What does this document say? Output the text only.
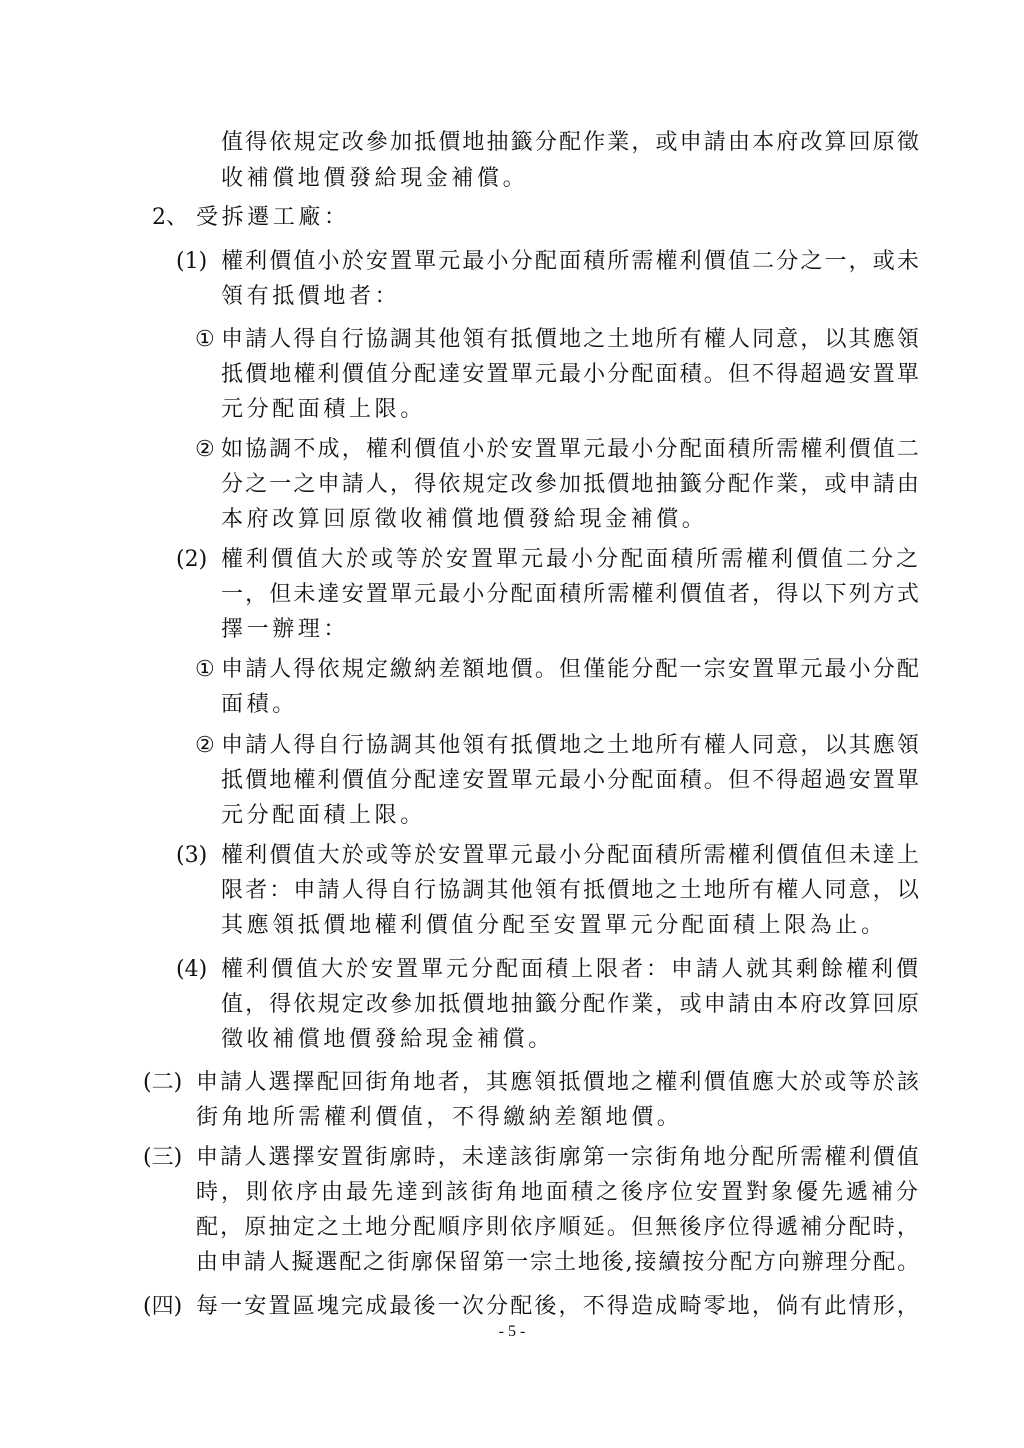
值得依規定改參加抵價地抽籤分配作業，或申請由本府改算回原徵
收補償地價發給現金補償。
2、 受拆遷工廠：
(1) 權利價值小於安置單元最小分配面積所需權利價值二分之一，或未
領有抵價地者：
① 申請人得自行協調其他領有抵價地之土地所有權人同意，以其應領
抵價地權利價值分配達安置單元最小分配面積。但不得超過安置單
元分配面積上限。
② 如協調不成，權利價值小於安置單元最小分配面積所需權利價值二
分之一之申請人，得依規定改參加抵價地抽籤分配作業，或申請由
本府改算回原徵收補償地價發給現金補償。
(2) 權利價值大於或等於安置單元最小分配面積所需權利價值二分之
一，但未達安置單元最小分配面積所需權利價值者，得以下列方式
擇一辦理：
① 申請人得依規定繳納差額地價。但僅能分配一宗安置單元最小分配
面積。
② 申請人得自行協調其他領有抵價地之土地所有權人同意，以其應領
抵價地權利價值分配達安置單元最小分配面積。但不得超過安置單
元分配面積上限。
(3) 權利價值大於或等於安置單元最小分配面積所需權利價值但未達上
限者：申請人得自行協調其他領有抵價地之土地所有權人同意，以
其應領抵價地權利價值分配至安置單元分配面積上限為止。
(4) 權利價值大於安置單元分配面積上限者：申請人就其剩餘權利價
值，得依規定改參加抵價地抽籤分配作業，或申請由本府改算回原
徵收補償地價發給現金補償。
(二) 申請人選擇配回街角地者，其應領抵價地之權利價值應大於或等於該
街角地所需權利價值，不得繳納差額地價。
(三) 申請人選擇安置街廓時，未達該街廓第一宗街角地分配所需權利價值
時，則依序由最先達到該街角地面積之後序位安置對象優先遞補分
配，原抽定之土地分配順序則依序順延。但無後序位得遞補分配時，
由申請人擬選配之街廓保留第一宗土地後,接續按分配方向辦理分配。
(四) 每一安置區塊完成最後一次分配後，不得造成畸零地，倘有此情形，
- 5 -
